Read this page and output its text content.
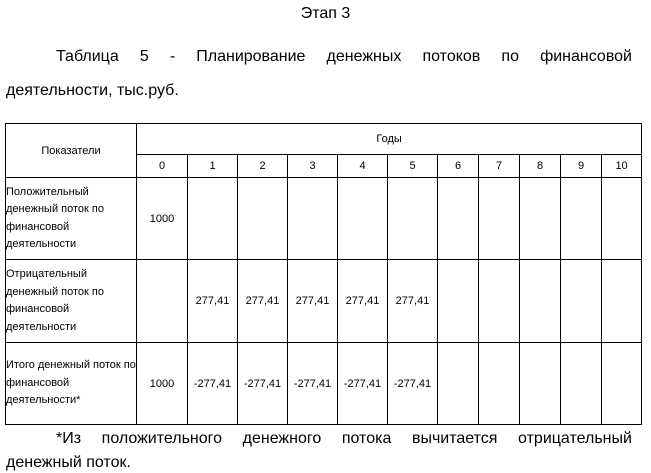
Этап 3
Таблица 5 - Планирование денежных потоков по финансовой
деятельности, тыс.руб.
Показатели	Годы										
	0	1	2	3	4	5	6	7	8	9	10
Положительный денежный поток по финансовой деятельности	1000										
Отрицательный денежный поток по финансовой деятельности		277,41	277,41	277,41	277,41	277,41					
Итого денежный поток по финансовой деятельности*	1000	-277,41	-277,41	-277,41	-277,41	-277,41					
*Из положительного денежного потока вычитается отрицательный
денежный поток.
